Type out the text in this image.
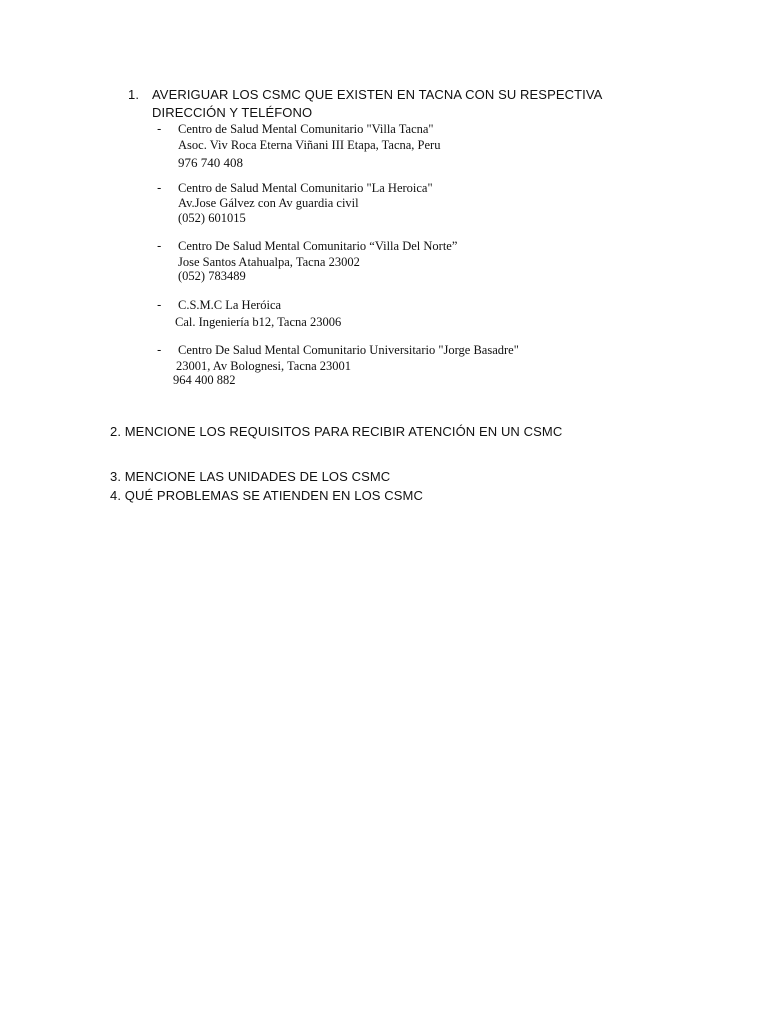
1. AVERIGUAR LOS CSMC QUE EXISTEN EN TACNA CON SU RESPECTIVA
DIRECCIÓN Y TELÉFONO
- Centro de Salud Mental Comunitario "Villa Tacna"
Asoc. Viv Roca Eterna Viñani III Etapa, Tacna, Peru
976 740 408
- Centro de Salud Mental Comunitario "La Heroica"
Av.Jose Gálvez con Av guardia civil
(052) 601015
- Centro De Salud Mental Comunitario “Villa Del Norte”
Jose Santos Atahualpa, Tacna 23002
(052) 783489
- C.S.M.C La Heróica
Cal. Ingeniería b12, Tacna 23006
- Centro De Salud Mental Comunitario Universitario "Jorge Basadre"
23001, Av Bolognesi, Tacna 23001
964 400 882
2. MENCIONE LOS REQUISITOS PARA RECIBIR ATENCIÓN EN UN CSMC
3. MENCIONE LAS UNIDADES DE LOS CSMC
4. QUÉ PROBLEMAS SE ATIENDEN EN LOS CSMC
